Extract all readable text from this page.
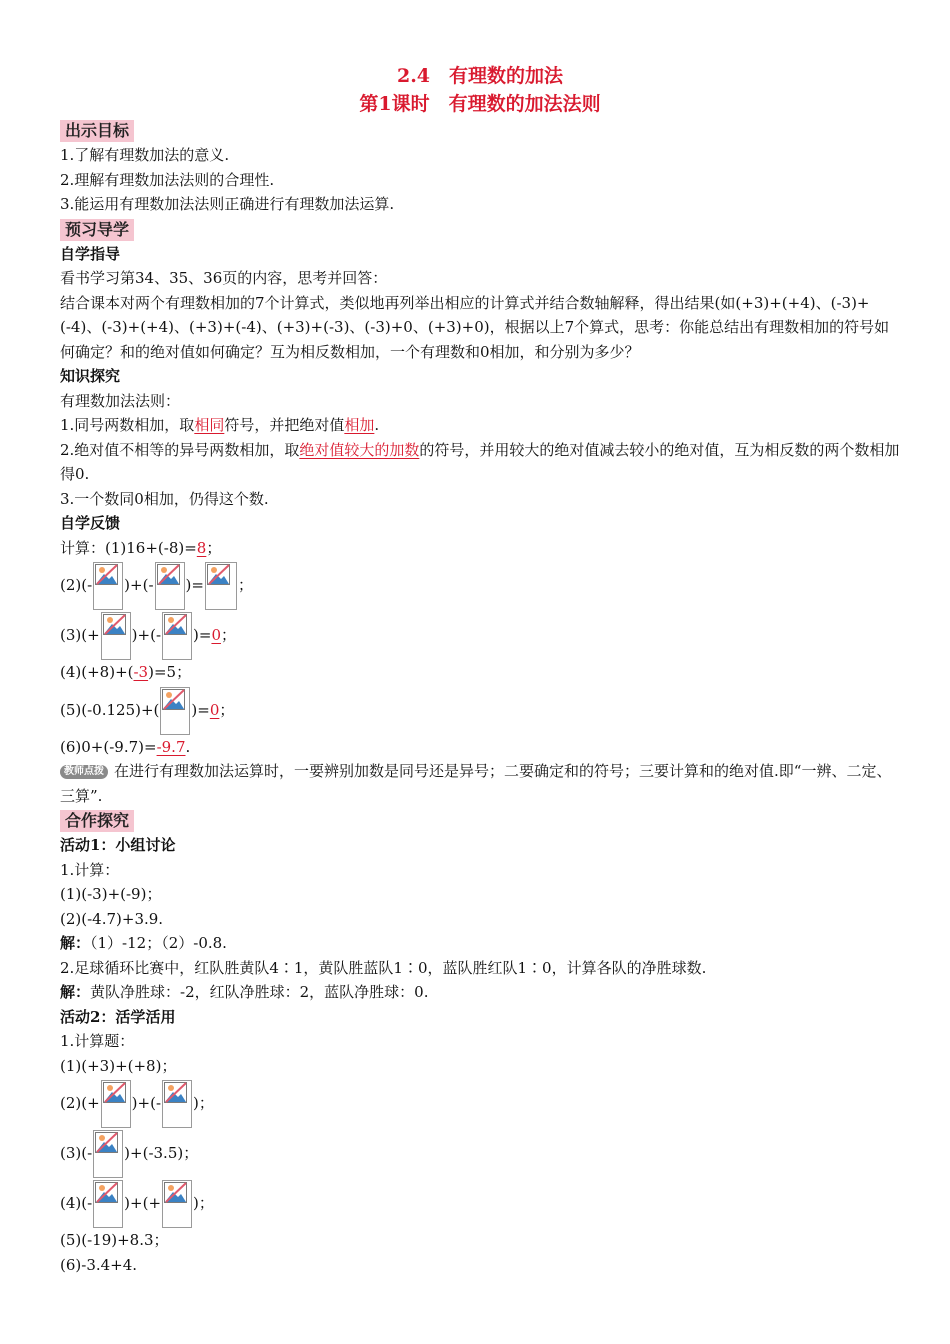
2.4　有理数的加法
第1课时　有理数的加法法则
出示目标
1.了解有理数加法的意义.
2.理解有理数加法法则的合理性.
3.能运用有理数加法法则正确进行有理数加法运算.
预习导学
自学指导
看书学习第34、35、36页的内容，思考并回答：
结合课本对两个有理数相加的7个计算式，类似地再列举出相应的计算式并结合数轴解释，得出结果(如(+3)+(+4)、(-3)+(-4)、(-3)+(+4)、(+3)+(-4)、(+3)+(-3)、(-3)+0、(+3)+0)，根据以上7个算式，思考：你能总结出有理数相加的符号如何确定？和的绝对值如何确定？互为相反数相加，一个有理数和0相加，和分别为多少？
知识探究
有理数加法法则：
1.同号两数相加，取相同符号，并把绝对值相加.
2.绝对值不相等的异号两数相加，取绝对值较大的加数的符号，并用较大的绝对值减去较小的绝对值，互为相反数的两个数相加得0.
3.一个数同0相加，仍得这个数.
自学反馈
计算：(1)16+(-8)=8；
(2)(- )+(- )= ；
(3)(+ )+(- )=0；
(4)(+8)+(-3)=5；
(5)(-0.125)+( )=0；
(6)0+(-9.7)=-9.7.
教师点拨 在进行有理数加法运算时，一要辨别加数是同号还是异号；二要确定和的符号；三要计算和的绝对值.即“一辨、二定、三算”.
合作探究
活动1：小组讨论
1.计算：
(1)(-3)+(-9)；
(2)(-4.7)+3.9.
解：（1）-12；（2）-0.8.
2.足球循环比赛中，红队胜黄队4∶1，黄队胜蓝队1∶0，蓝队胜红队1∶0，计算各队的净胜球数.
解：黄队净胜球：-2，红队净胜球：2，蓝队净胜球：0.
活动2：活学活用
1.计算题：
(1)(+3)+(+8)；
(2)(+ )+(- )；
(3)(- )+(-3.5)；
(4)(- )+(+ )；
(5)(-19)+8.3；
(6)-3.4+4.
